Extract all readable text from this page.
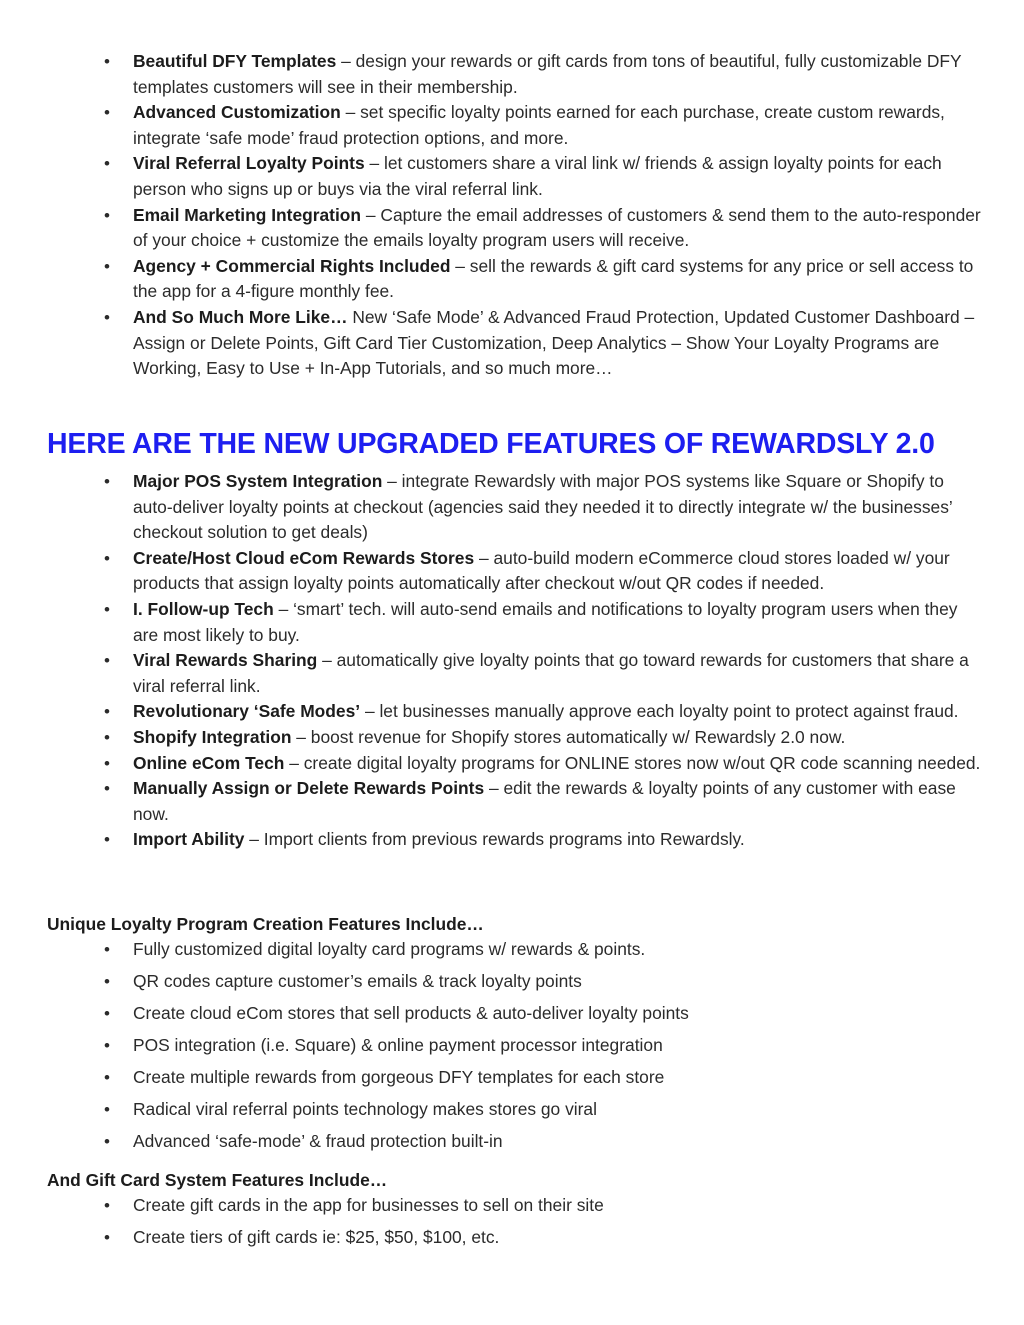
• Beautiful DFY Templates – design your rewards or gift cards from tons of beautiful, fully customizable DFY templates customers will see in their membership.
• Advanced Customization – set specific loyalty points earned for each purchase, create custom rewards, integrate ‘safe mode’ fraud protection options, and more.
• Viral Referral Loyalty Points – let customers share a viral link w/ friends & assign loyalty points for each person who signs up or buys via the viral referral link.
• Email Marketing Integration – Capture the email addresses of customers & send them to the auto-responder of your choice + customize the emails loyalty program users will receive.
• Agency + Commercial Rights Included – sell the rewards & gift card systems for any price or sell access to the app for a 4-figure monthly fee.
• And So Much More Like… New ‘Safe Mode’ & Advanced Fraud Protection, Updated Customer Dashboard – Assign or Delete Points, Gift Card Tier Customization, Deep Analytics – Show Your Loyalty Programs are Working, Easy to Use + In-App Tutorials, and so much more…
HERE ARE THE NEW UPGRADED FEATURES OF REWARDSLY 2.0
• Major POS System Integration – integrate Rewardsly with major POS systems like Square or Shopify to auto-deliver loyalty points at checkout (agencies said they needed it to directly integrate w/ the businesses’ checkout solution to get deals)
• Create/Host Cloud eCom Rewards Stores – auto-build modern eCommerce cloud stores loaded w/ your products that assign loyalty points automatically after checkout w/out QR codes if needed.
• I. Follow-up Tech – ‘smart’ tech. will auto-send emails and notifications to loyalty program users when they are most likely to buy.
• Viral Rewards Sharing – automatically give loyalty points that go toward rewards for customers that share a viral referral link.
• Revolutionary ‘Safe Modes’ – let businesses manually approve each loyalty point to protect against fraud.
• Shopify Integration – boost revenue for Shopify stores automatically w/ Rewardsly 2.0 now.
• Online eCom Tech – create digital loyalty programs for ONLINE stores now w/out QR code scanning needed.
• Manually Assign or Delete Rewards Points – edit the rewards & loyalty points of any customer with ease now.
• Import Ability – Import clients from previous rewards programs into Rewardsly.
Unique Loyalty Program Creation Features Include…
• Fully customized digital loyalty card programs w/ rewards & points.
• QR codes capture customer’s emails & track loyalty points
• Create cloud eCom stores that sell products & auto-deliver loyalty points
• POS integration (i.e. Square) & online payment processor integration
• Create multiple rewards from gorgeous DFY templates for each store
• Radical viral referral points technology makes stores go viral
• Advanced ‘safe-mode’ & fraud protection built-in
And Gift Card System Features Include…
• Create gift cards in the app for businesses to sell on their site
• Create tiers of gift cards ie: $25, $50, $100, etc.
